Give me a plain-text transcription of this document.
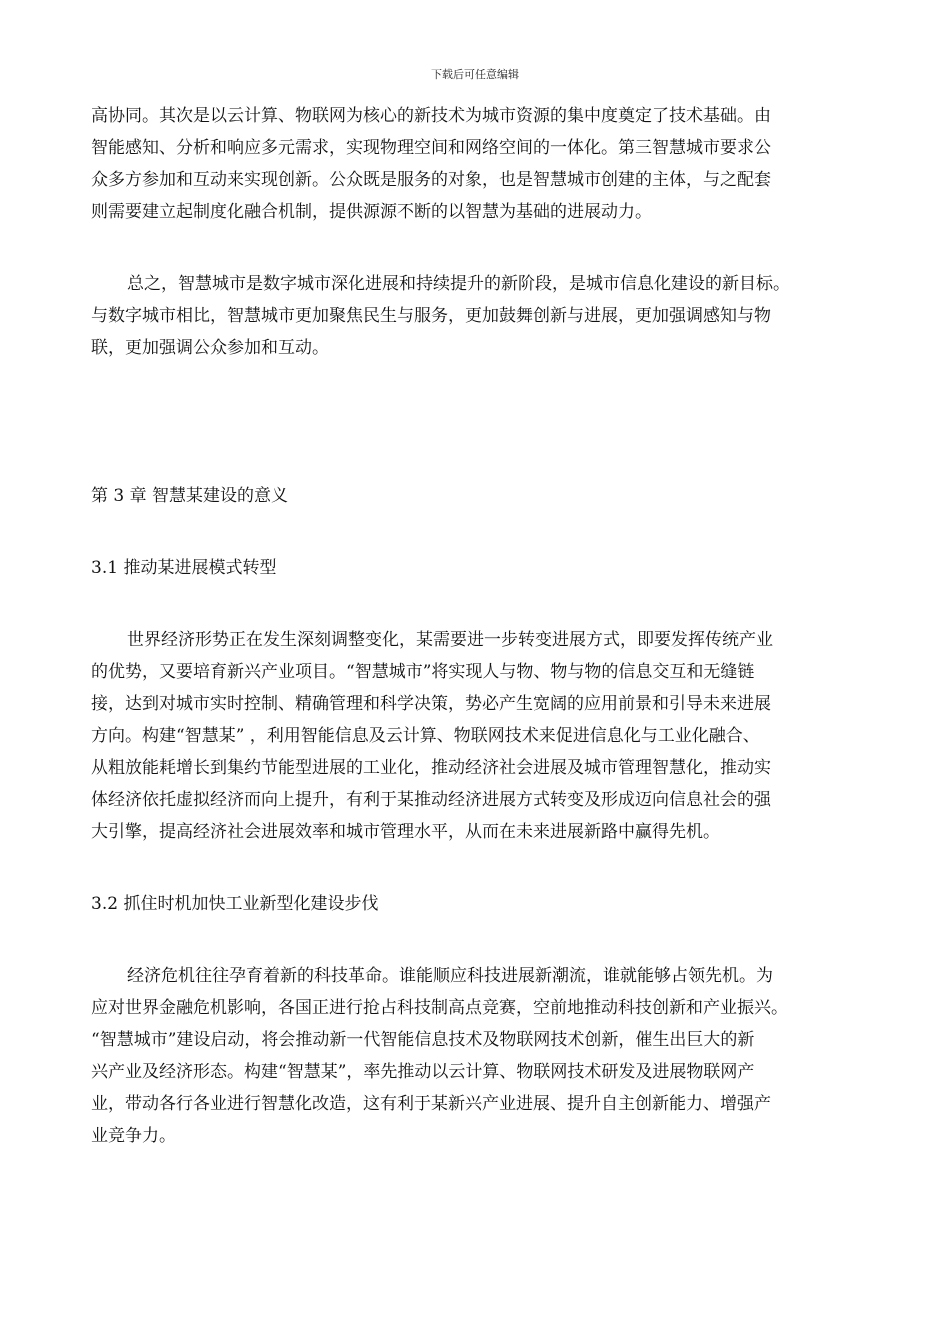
下载后可任意编辑
高协同。其次是以云计算、物联网为核心的新技术为城市资源的集中度奠定了技术基础。由
智能感知、分析和响应多元需求，实现物理空间和网络空间的一体化。第三智慧城市要求公
众多方参加和互动来实现创新。公众既是服务的对象，也是智慧城市创建的主体，与之配套
则需要建立起制度化融合机制，提供源源不断的以智慧为基础的进展动力。
总之，智慧城市是数字城市深化进展和持续提升的新阶段，是城市信息化建设的新目标。
与数字城市相比，智慧城市更加聚焦民生与服务，更加鼓舞创新与进展，更加强调感知与物
联，更加强调公众参加和互动。
第 3 章 智慧某建设的意义
3.1 推动某进展模式转型
世界经济形势正在发生深刻调整变化，某需要进一步转变进展方式，即要发挥传统产业
的优势，又要培育新兴产业项目。“智慧城市”将实现人与物、物与物的信息交互和无缝链
接，达到对城市实时控制、精确管理和科学决策，势必产生宽阔的应用前景和引导未来进展
方向。构建“智慧某” ，利用智能信息及云计算、物联网技术来促进信息化与工业化融合、
从粗放能耗增长到集约节能型进展的工业化，推动经济社会进展及城市管理智慧化，推动实
体经济依托虚拟经济而向上提升，有利于某推动经济进展方式转变及形成迈向信息社会的强
大引擎，提高经济社会进展效率和城市管理水平，从而在未来进展新路中赢得先机。
3.2 抓住时机加快工业新型化建设步伐
经济危机往往孕育着新的科技革命。谁能顺应科技进展新潮流，谁就能够占领先机。为
应对世界金融危机影响，各国正进行抢占科技制高点竞赛，空前地推动科技创新和产业振兴。
“智慧城市”建设启动，将会推动新一代智能信息技术及物联网技术创新，催生出巨大的新
兴产业及经济形态。构建“智慧某”，率先推动以云计算、物联网技术研发及进展物联网产
业，带动各行各业进行智慧化改造，这有利于某新兴产业进展、提升自主创新能力、增强产
业竞争力。
